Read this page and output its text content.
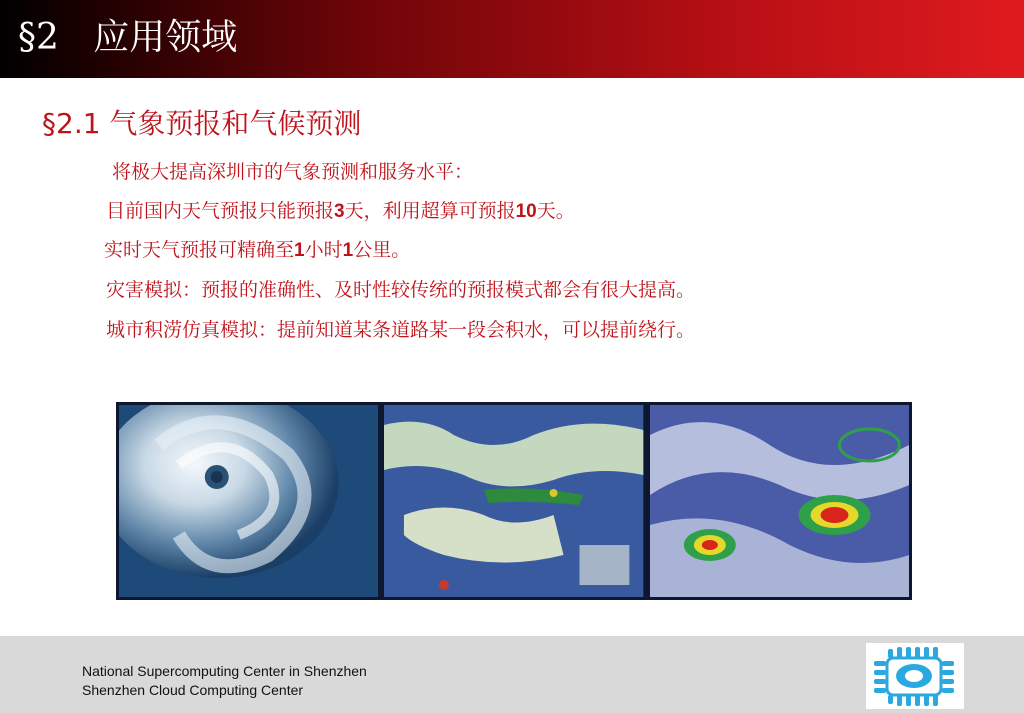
§2   应用领域
§2.1 气象预报和气候预测
将极大提高深圳市的气象预测和服务水平：
目前国内天气预报只能预报3天，利用超算可预报10天。
实时天气预报可精确至1小时1公里。
灾害模拟：预报的准确性、及时性较传统的预报模式都会有很大提高。
城市积涝仿真模拟：提前知道某条道路某一段会积水，可以提前绕行。
National Supercomputing Center in Shenzhen
Shenzhen Cloud Computing Center
